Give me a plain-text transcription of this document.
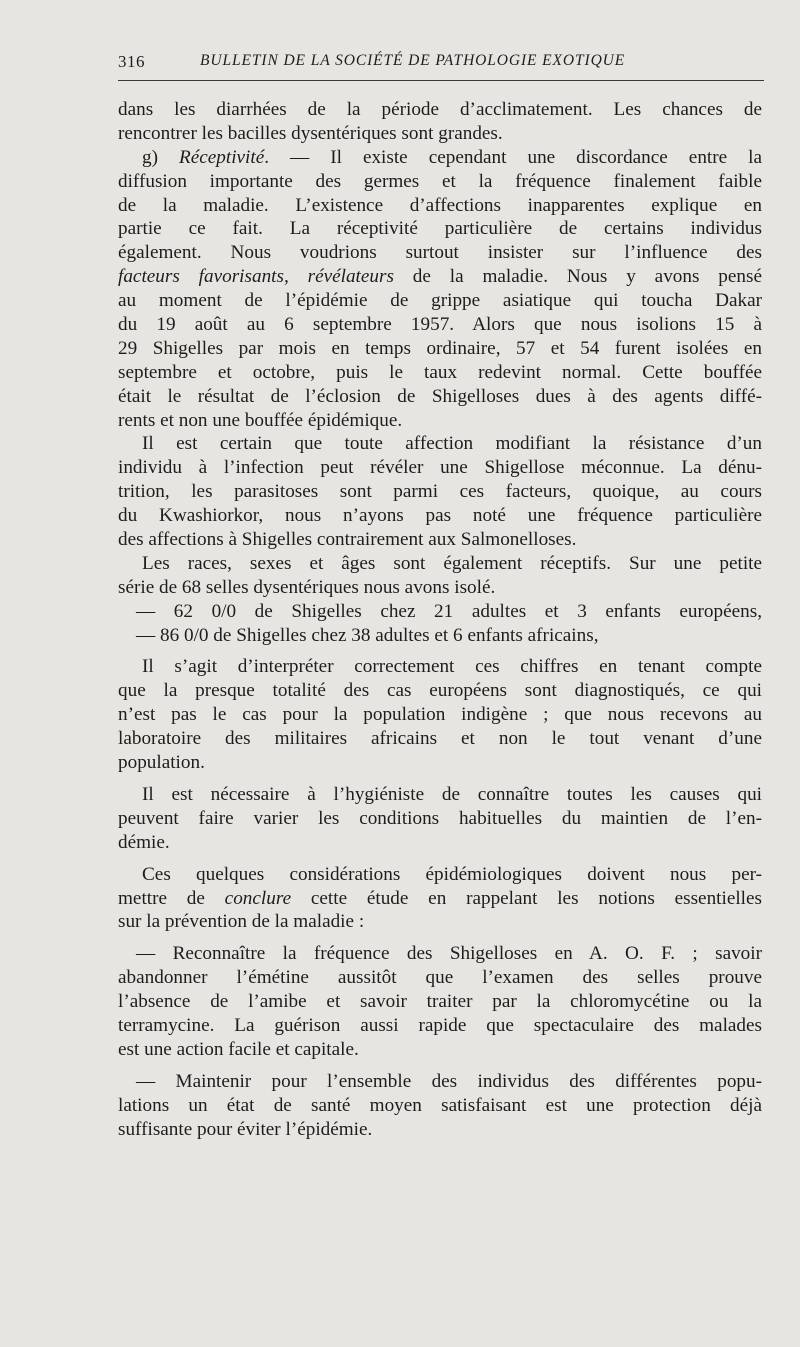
316	BULLETIN DE LA SOCIÉTÉ DE PATHOLOGIE EXOTIQUE
dans les diarrhées de la période d’acclimatement. Les chances de
rencontrer les bacilles dysentériques sont grandes.
g) Réceptivité. — Il existe cependant une discordance entre la
diffusion importante des germes et la fréquence finalement faible
de la maladie. L’existence d’affections inapparentes explique en
partie ce fait. La réceptivité particulière de certains individus
également. Nous voudrions surtout insister sur l’influence des
facteurs favorisants, révélateurs de la maladie. Nous y avons pensé
au moment de l’épidémie de grippe asiatique qui toucha Dakar
du 19 août au 6 septembre 1957. Alors que nous isolions 15 à
29 Shigelles par mois en temps ordinaire, 57 et 54 furent isolées en
septembre et octobre, puis le taux redevint normal. Cette bouffée
était le résultat de l’éclosion de Shigelloses dues à des agents diffé-
rents et non une bouffée épidémique.
Il est certain que toute affection modifiant la résistance d’un
individu à l’infection peut révéler une Shigellose méconnue. La dénu-
trition, les parasitoses sont parmi ces facteurs, quoique, au cours
du Kwashiorkor, nous n’ayons pas noté une fréquence particulière
des affections à Shigelles contrairement aux Salmonelloses.
Les races, sexes et âges sont également réceptifs. Sur une petite
série de 68 selles dysentériques nous avons isolé.
— 62 0/0 de Shigelles chez 21 adultes et 3 enfants européens,
— 86 0/0 de Shigelles chez 38 adultes et 6 enfants africains,
Il s’agit d’interpréter correctement ces chiffres en tenant compte
que la presque totalité des cas européens sont diagnostiqués, ce qui
n’est pas le cas pour la population indigène ; que nous recevons au
laboratoire des militaires africains et non le tout venant d’une
population.
Il est nécessaire à l’hygiéniste de connaître toutes les causes qui
peuvent faire varier les conditions habituelles du maintien de l’en-
démie.
Ces quelques considérations épidémiologiques doivent nous per-
mettre de conclure cette étude en rappelant les notions essentielles
sur la prévention de la maladie :
— Reconnaître la fréquence des Shigelloses en A. O. F. ; savoir
abandonner l’émétine aussitôt que l’examen des selles prouve
l’absence de l’amibe et savoir traiter par la chloromycétine ou la
terramycine. La guérison aussi rapide que spectaculaire des malades
est une action facile et capitale.
— Maintenir pour l’ensemble des individus des différentes popu-
lations un état de santé moyen satisfaisant est une protection déjà
suffisante pour éviter l’épidémie.
